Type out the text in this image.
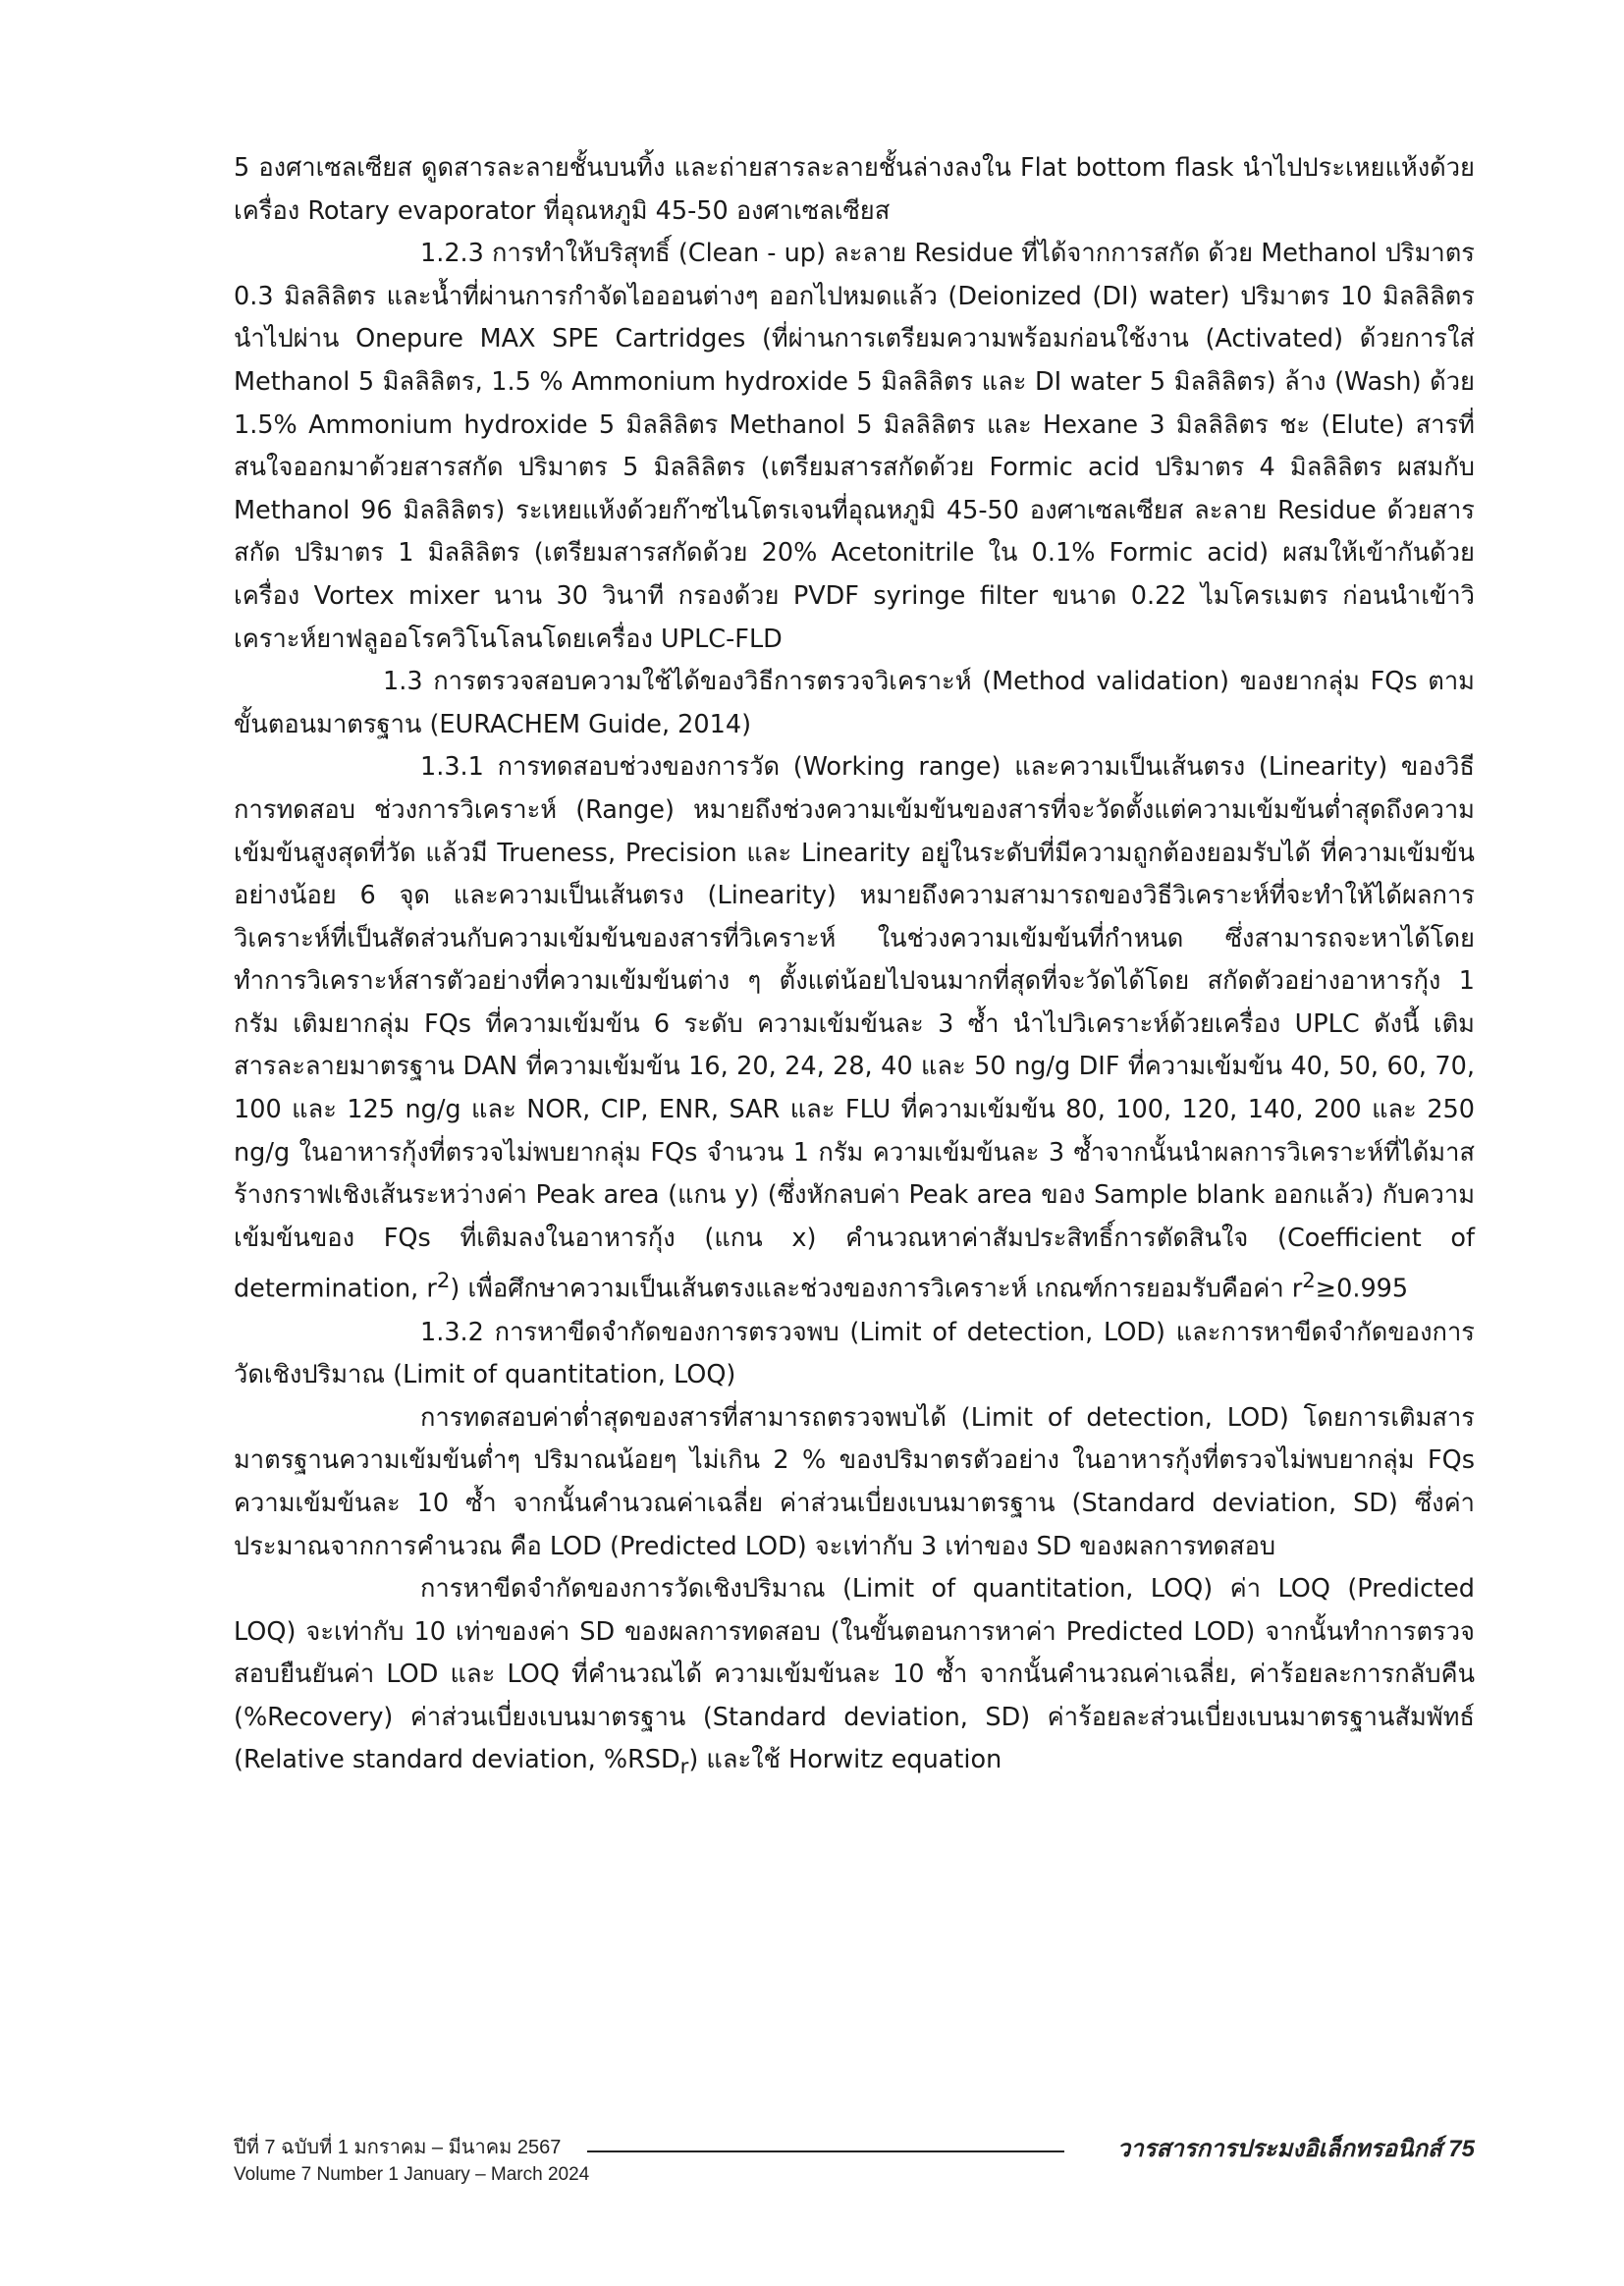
5 องศาเซลเซียส ดูดสารละลายชั้นบนทิ้ง และถ่ายสารละลายชั้นล่างลงใน Flat bottom flask นำไปประเหยแห้งด้วยเครื่อง Rotary evaporator ที่อุณหภูมิ 45-50 องศาเซลเซียส

1.2.3 การทำให้บริสุทธิ์ (Clean - up) ละลาย Residue ที่ได้จากการสกัด ด้วย Methanol ปริมาตร 0.3 มิลลิลิตร และน้ำที่ผ่านการกำจัดไอออนต่างๆ ออกไปหมดแล้ว (Deionized (DI) water) ปริมาตร 10 มิลลิลิตร นำไปผ่าน Onepure MAX SPE Cartridges (ที่ผ่านการเตรียมความพร้อมก่อนใช้งาน (Activated) ด้วยการใส่ Methanol 5 มิลลิลิตร, 1.5 % Ammonium hydroxide 5 มิลลิลิตร และ DI water 5 มิลลิลิตร) ล้าง (Wash) ด้วย 1.5% Ammonium hydroxide 5 มิลลิลิตร Methanol 5 มิลลิลิตร และ Hexane 3 มิลลิลิตร ชะ (Elute) สารที่สนใจออกมาด้วยสารสกัด ปริมาตร 5 มิลลิลิตร (เตรียมสารสกัดด้วย Formic acid ปริมาตร 4 มิลลิลิตร ผสมกับ Methanol 96 มิลลิลิตร) ระเหยแห้งด้วยก๊าซไนโตรเจนที่อุณหภูมิ 45-50 องศาเซลเซียส ละลาย Residue ด้วยสารสกัด ปริมาตร 1 มิลลิลิตร (เตรียมสารสกัดด้วย 20% Acetonitrile ใน 0.1% Formic acid) ผสมให้เข้ากันด้วยเครื่อง Vortex mixer นาน 30 วินาที กรองด้วย PVDF syringe filter ขนาด 0.22 ไมโครเมตร ก่อนนำเข้าวิเคราะห์ยาฟลูออโรควิโนโลนโดยเครื่อง UPLC-FLD

1.3 การตรวจสอบความใช้ได้ของวิธีการตรวจวิเคราะห์ (Method validation) ของยากลุ่ม FQs ตามขั้นตอนมาตรฐาน (EURACHEM Guide, 2014)

1.3.1 การทดสอบช่วงของการวัด (Working range) และความเป็นเส้นตรง (Linearity) ของวิธีการทดสอบ ช่วงการวิเคราะห์ (Range) หมายถึงช่วงความเข้มข้นของสารที่จะวัดตั้งแต่ความเข้มข้นต่ำสุดถึงความเข้มข้นสูงสุดที่วัด แล้วมี Trueness, Precision และ Linearity อยู่ในระดับที่มีความถูกต้องยอมรับได้ ที่ความเข้มข้นอย่างน้อย 6 จุด และความเป็นเส้นตรง (Linearity) หมายถึงความสามารถของวิธีวิเคราะห์ที่จะทำให้ได้ผลการวิเคราะห์ที่เป็นสัดส่วนกับความเข้มข้นของสารที่วิเคราะห์ ในช่วงความเข้มข้นที่กำหนด ซึ่งสามารถจะหาได้โดยทำการวิเคราะห์สารตัวอย่างที่ความเข้มข้นต่าง ๆ ตั้งแต่น้อยไปจนมากที่สุดที่จะวัดได้โดย สกัดตัวอย่างอาหารกุ้ง 1 กรัม เติมยากลุ่ม FQs ที่ความเข้มข้น 6 ระดับ ความเข้มข้นละ 3 ซ้ำ นำไปวิเคราะห์ด้วยเครื่อง UPLC ดังนี้ เติมสารละลายมาตรฐาน DAN ที่ความเข้มข้น 16, 20, 24, 28, 40 และ 50 ng/g DIF ที่ความเข้มข้น 40, 50, 60, 70, 100 และ 125 ng/g และ NOR, CIP, ENR, SAR และ FLU ที่ความเข้มข้น 80, 100, 120, 140, 200 และ 250 ng/g ในอาหารกุ้งที่ตรวจไม่พบยากลุ่ม FQs จำนวน 1 กรัม ความเข้มข้นละ 3 ซ้ำจากนั้นนำผลการวิเคราะห์ที่ได้มาสร้างกราฟเชิงเส้นระหว่างค่า Peak area (แกน y) (ซึ่งหักลบค่า Peak area ของ Sample blank ออกแล้ว) กับความเข้มข้นของ FQs ที่เติมลงในอาหารกุ้ง (แกน x) คำนวณหาค่าสัมประสิทธิ์การตัดสินใจ (Coefficient of determination, $r^2$) เพื่อศึกษาความเป็นเส้นตรงและช่วงของการวิเคราะห์ เกณฑ์การยอมรับคือค่า $r^2\ge 0.995$

1.3.2 การหาขีดจำกัดของการตรวจพบ (Limit of detection, LOD) และการหาขีดจำกัดของการวัดเชิงปริมาณ (Limit of quantitation, LOQ)

การทดสอบค่าต่ำสุดของสารที่สามารถตรวจพบได้ (Limit of detection, LOD) โดยการเติมสารมาตรฐานความเข้มข้นต่ำๆ ปริมาณน้อยๆ ไม่เกิน 2 % ของปริมาตรตัวอย่าง ในอาหารกุ้งที่ตรวจไม่พบยากลุ่ม FQs ความเข้มข้นละ 10 ซ้ำ จากนั้นคำนวณค่าเฉลี่ย ค่าส่วนเบี่ยงเบนมาตรฐาน (Standard deviation, SD) ซึ่งค่าประมาณจากการคำนวณ คือ LOD (Predicted LOD) จะเท่ากับ 3 เท่าของ SD ของผลการทดสอบ

การหาขีดจำกัดของการวัดเชิงปริมาณ (Limit of quantitation, LOQ) ค่า LOQ (Predicted LOQ) จะเท่ากับ 10 เท่าของค่า SD ของผลการทดสอบ (ในขั้นตอนการหาค่า Predicted LOD) จากนั้นทำการตรวจสอบยืนยันค่า LOD และ LOQ ที่คำนวณได้ ความเข้มข้นละ 10 ซ้ำ จากนั้นคำนวณค่าเฉลี่ย, ค่าร้อยละการกลับคืน (%Recovery) ค่าส่วนเบี่ยงเบนมาตรฐาน (Standard deviation, SD) ค่าร้อยละส่วนเบี่ยงเบนมาตรฐานสัมพัทธ์ (Relative standard deviation, $\%RSD_r$) และใช้ Horwitz equation

ปีที่ 7 ฉบับที่ 1 มกราคม – มีนาคม 2567	วารสารการประมงอิเล็กทรอนิกส์ 75
Volume 7 Number 1 January – March 2024
